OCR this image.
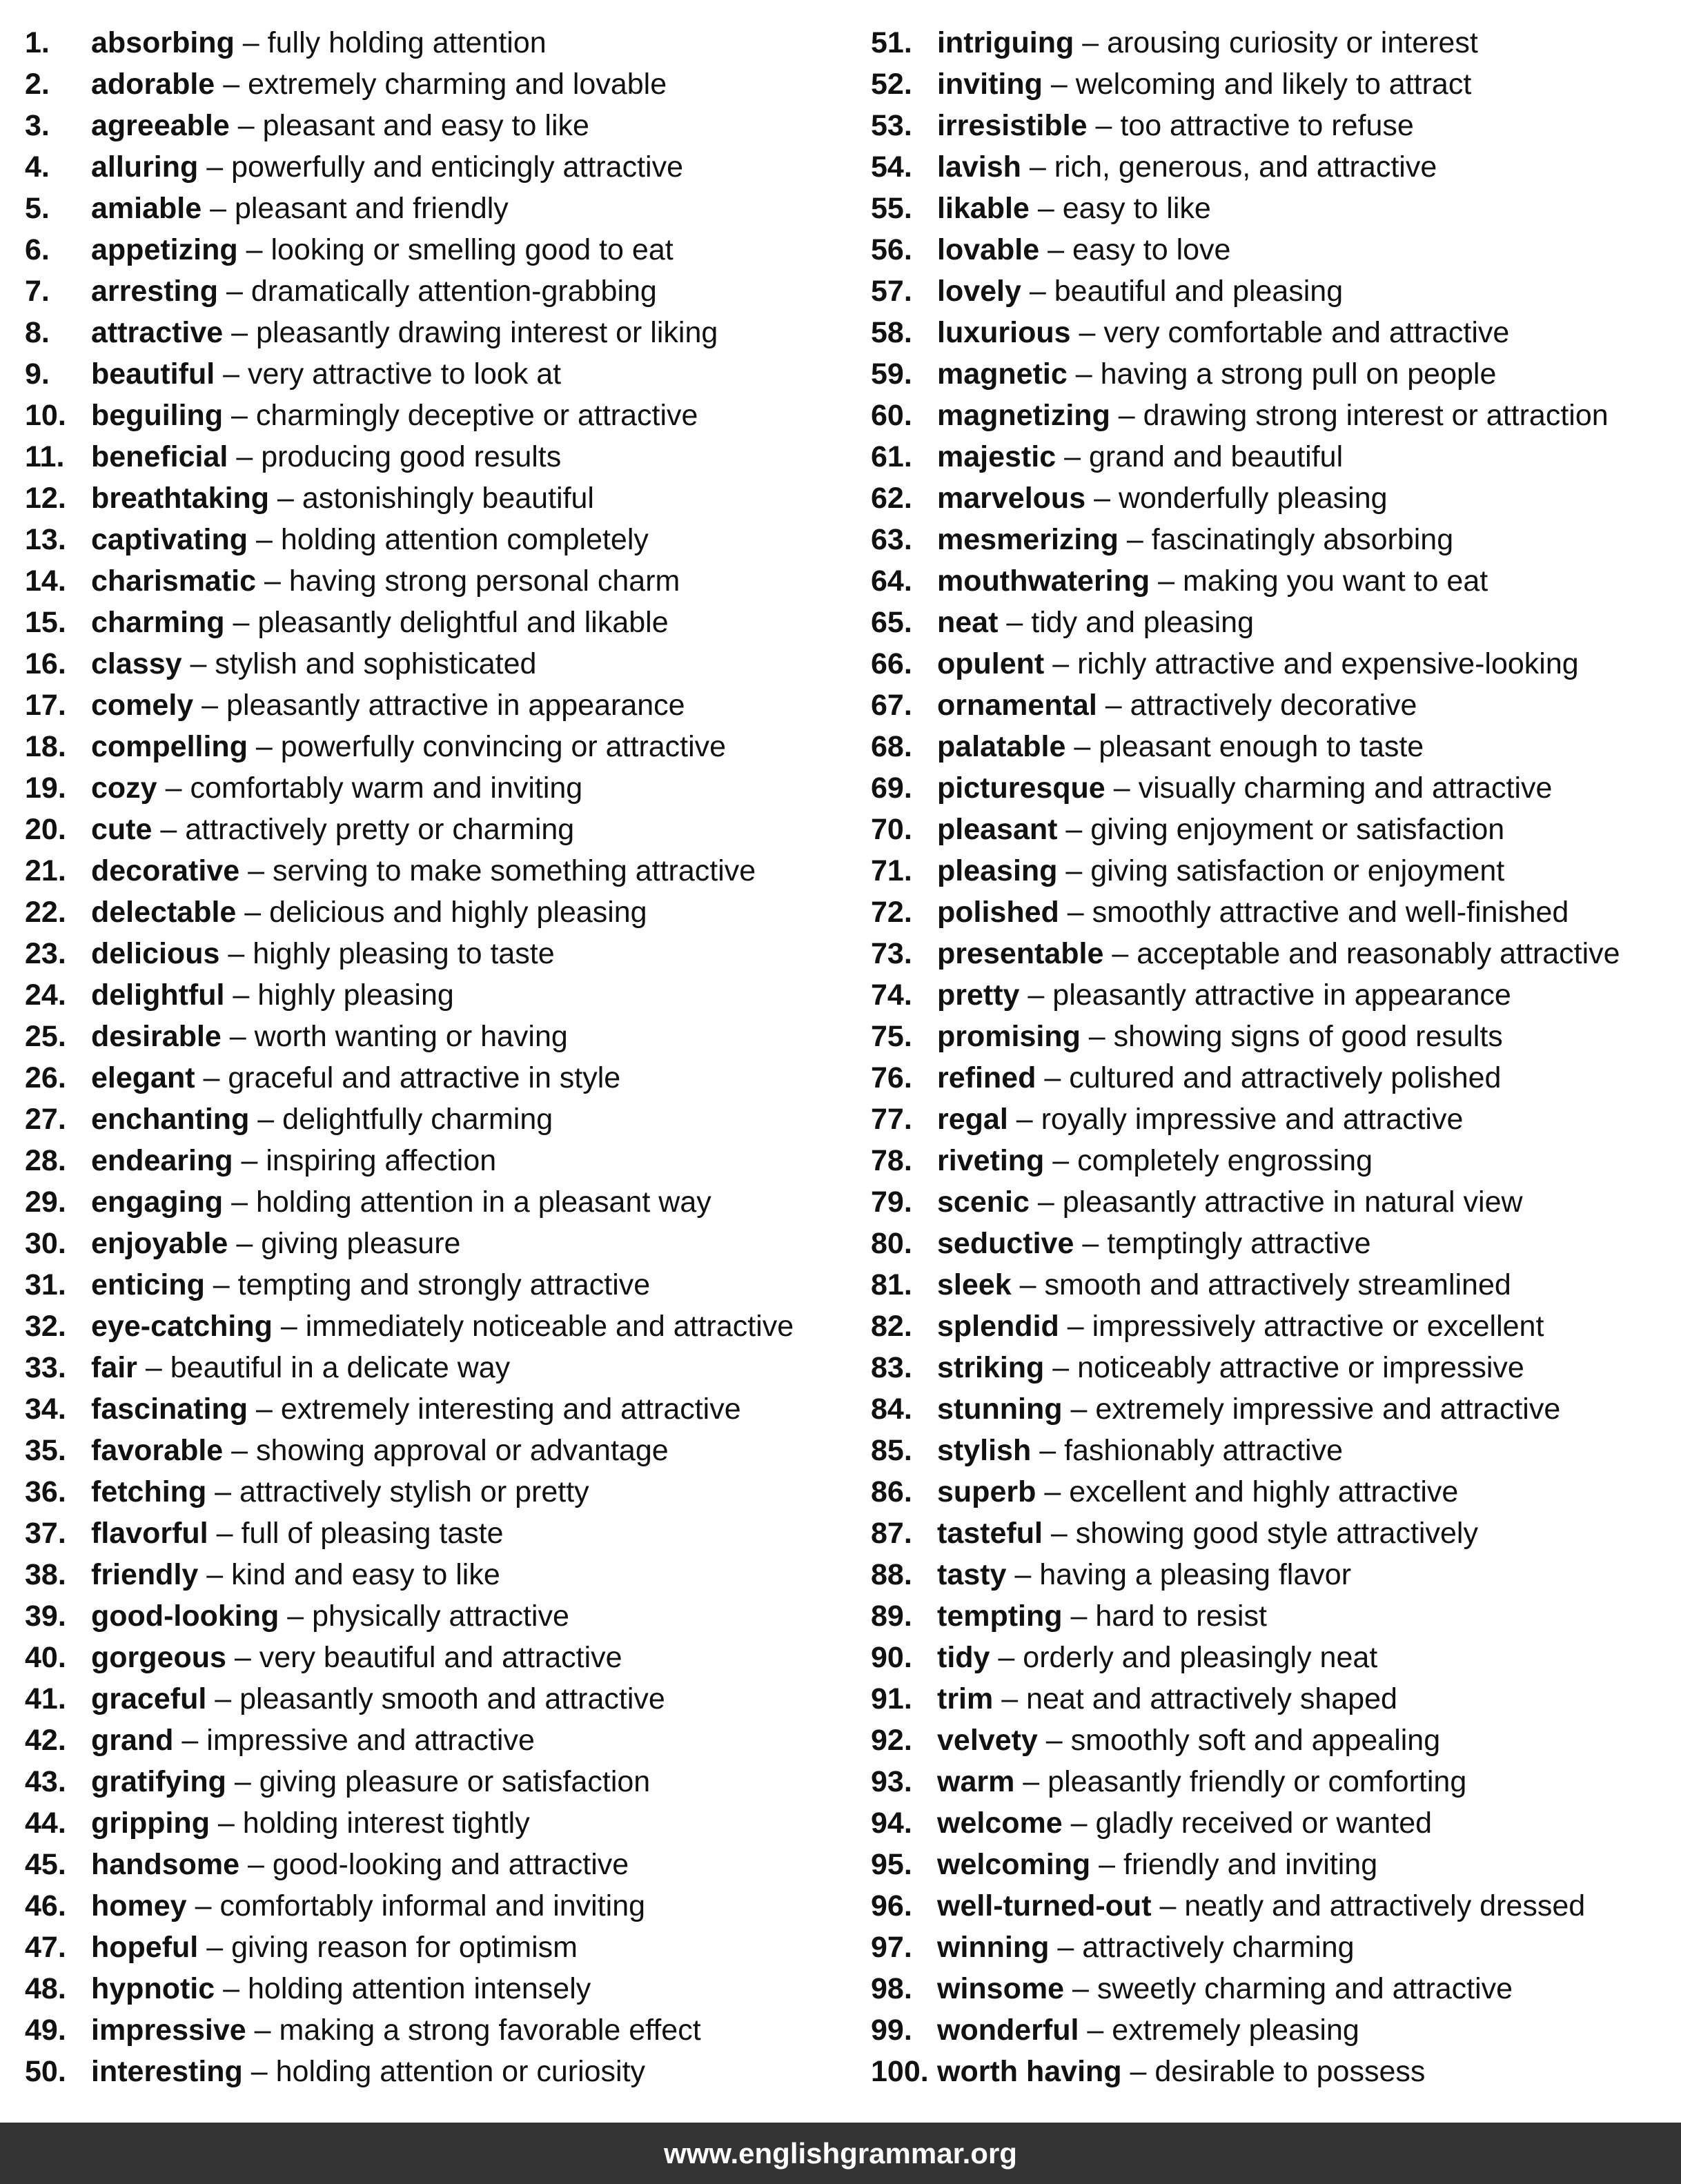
1. absorbing – fully holding attention
2. adorable – extremely charming and lovable
3. agreeable – pleasant and easy to like
4. alluring – powerfully and enticingly attractive
5. amiable – pleasant and friendly
6. appetizing – looking or smelling good to eat
7. arresting – dramatically attention-grabbing
8. attractive – pleasantly drawing interest or liking
9. beautiful – very attractive to look at
10. beguiling – charmingly deceptive or attractive
11. beneficial – producing good results
12. breathtaking – astonishingly beautiful
13. captivating – holding attention completely
14. charismatic – having strong personal charm
15. charming – pleasantly delightful and likable
16. classy – stylish and sophisticated
17. comely – pleasantly attractive in appearance
18. compelling – powerfully convincing or attractive
19. cozy – comfortably warm and inviting
20. cute – attractively pretty or charming
21. decorative – serving to make something attractive
22. delectable – delicious and highly pleasing
23. delicious – highly pleasing to taste
24. delightful – highly pleasing
25. desirable – worth wanting or having
26. elegant – graceful and attractive in style
27. enchanting – delightfully charming
28. endearing – inspiring affection
29. engaging – holding attention in a pleasant way
30. enjoyable – giving pleasure
31. enticing – tempting and strongly attractive
32. eye-catching – immediately noticeable and attractive
33. fair – beautiful in a delicate way
34. fascinating – extremely interesting and attractive
35. favorable – showing approval or advantage
36. fetching – attractively stylish or pretty
37. flavorful – full of pleasing taste
38. friendly – kind and easy to like
39. good-looking – physically attractive
40. gorgeous – very beautiful and attractive
41. graceful – pleasantly smooth and attractive
42. grand – impressive and attractive
43. gratifying – giving pleasure or satisfaction
44. gripping – holding interest tightly
45. handsome – good-looking and attractive
46. homey – comfortably informal and inviting
47. hopeful – giving reason for optimism
48. hypnotic – holding attention intensely
49. impressive – making a strong favorable effect
50. interesting – holding attention or curiosity
51. intriguing – arousing curiosity or interest
52. inviting – welcoming and likely to attract
53. irresistible – too attractive to refuse
54. lavish – rich, generous, and attractive
55. likable – easy to like
56. lovable – easy to love
57. lovely – beautiful and pleasing
58. luxurious – very comfortable and attractive
59. magnetic – having a strong pull on people
60. magnetizing – drawing strong interest or attraction
61. majestic – grand and beautiful
62. marvelous – wonderfully pleasing
63. mesmerizing – fascinatingly absorbing
64. mouthwatering – making you want to eat
65. neat – tidy and pleasing
66. opulent – richly attractive and expensive-looking
67. ornamental – attractively decorative
68. palatable – pleasant enough to taste
69. picturesque – visually charming and attractive
70. pleasant – giving enjoyment or satisfaction
71. pleasing – giving satisfaction or enjoyment
72. polished – smoothly attractive and well-finished
73. presentable – acceptable and reasonably attractive
74. pretty – pleasantly attractive in appearance
75. promising – showing signs of good results
76. refined – cultured and attractively polished
77. regal – royally impressive and attractive
78. riveting – completely engrossing
79. scenic – pleasantly attractive in natural view
80. seductive – temptingly attractive
81. sleek – smooth and attractively streamlined
82. splendid – impressively attractive or excellent
83. striking – noticeably attractive or impressive
84. stunning – extremely impressive and attractive
85. stylish – fashionably attractive
86. superb – excellent and highly attractive
87. tasteful – showing good style attractively
88. tasty – having a pleasing flavor
89. tempting – hard to resist
90. tidy – orderly and pleasingly neat
91. trim – neat and attractively shaped
92. velvety – smoothly soft and appealing
93. warm – pleasantly friendly or comforting
94. welcome – gladly received or wanted
95. welcoming – friendly and inviting
96. well-turned-out – neatly and attractively dressed
97. winning – attractively charming
98. winsome – sweetly charming and attractive
99. wonderful – extremely pleasing
100. worth having – desirable to possess
www.englishgrammar.org
